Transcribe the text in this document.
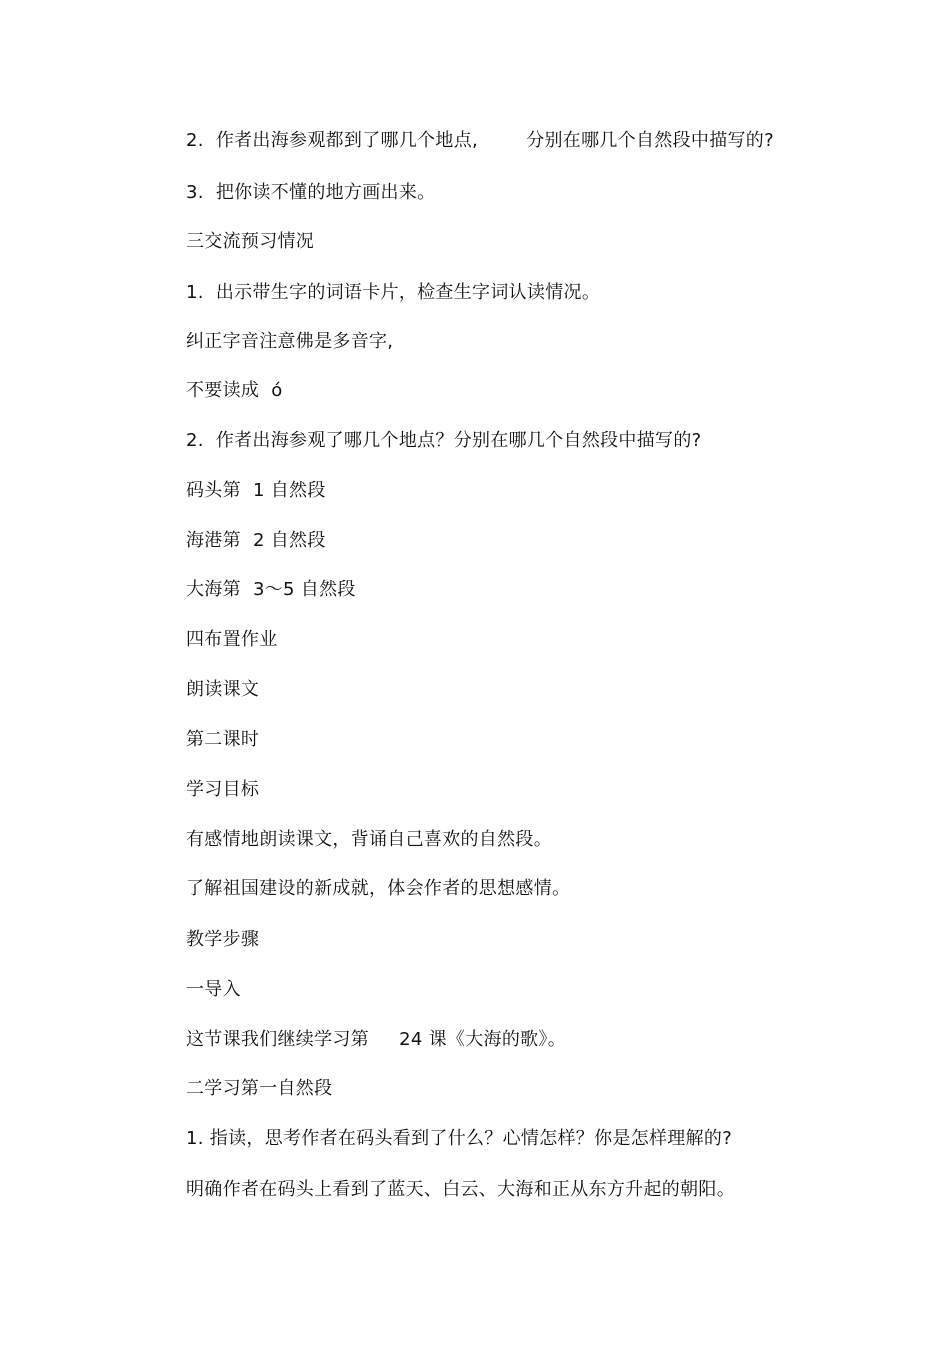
2.  作者出海参观都到了哪几个地点,        分别在哪几个自然段中描写的?
3.  把你读不懂的地方画出来。
三交流预习情况
1.  出示带生字的词语卡片，检查生字词认读情况。
纠正字音注意佛是多音字,
不要读成  ó
2.  作者出海参观了哪几个地点？分别在哪几个自然段中描写的?
码头第  1 自然段
海港第  2 自然段
大海第  3～5 自然段
四布置作业
朗读课文
第二课时
学习目标
有感情地朗读课文，背诵自己喜欢的自然段。
了解祖国建设的新成就，体会作者的思想感情。
教学步骤
一导入
这节课我们继续学习第     24 课《大海的歌》。
二学习第一自然段
1. 指读，思考作者在码头看到了什么？心情怎样？你是怎样理解的?
明确作者在码头上看到了蓝天、白云、大海和正从东方升起的朝阳。
